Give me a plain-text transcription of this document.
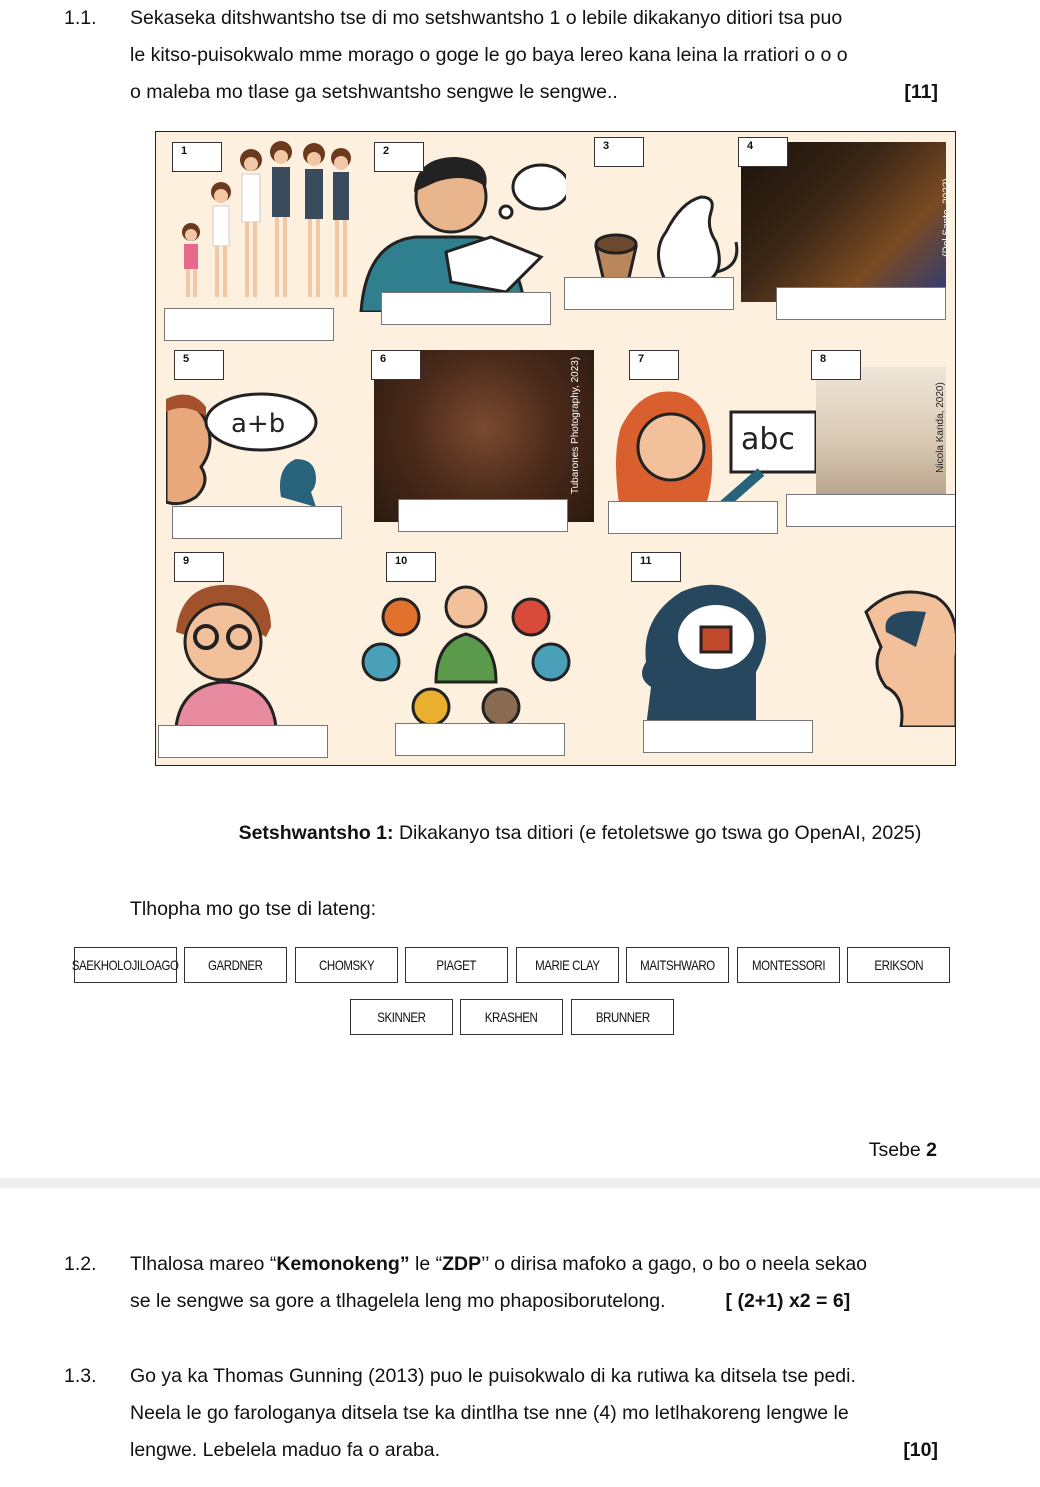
1.1. Sekaseka ditshwantsho tse di mo setshwantsho 1 o lebile dikakanyo ditiori tsa puo
le kitso-puisokwalo mme morago o goge le go baya lereo kana leina la rratiori o o o
o maleba mo tlase ga setshwantsho sengwe le sengwe..	[11]
(Del Santo, 2022)
a+b	Tubarones Photography, 2023)	abc	Nicola Kanda, 2020)
1	2	3	4
5	6	7	8
9	10	11
Setshwantsho 1: Dikakanyo tsa ditiori (e fetoletswe go tswa go OpenAI, 2025)
Tlhopha mo go tse di lateng:
SAEKHOLOJILOAGO GARDNER	CHOMSKY	PIAGET	MARIE CLAY	MAITSHWARO	MONTESSORI	ERIKSON
SKINNER	KRASHEN	BRUNNER
Tsebe 2
1.2. Tlhalosa mareo “Kemonokeng” le “ZDP’’ o dirisa mafoko a gago, o bo o neela sekao
se le sengwe sa gore a tlhagelela leng mo phaposiborutelong.	[ (2+1) x2 = 6]
1.3. Go ya ka Thomas Gunning (2013) puo le puisokwalo di ka rutiwa ka ditsela tse pedi.
Neela le go farologanya ditsela tse ka dintlha tse nne (4) mo letlhakoreng lengwe le
lengwe. Lebelela maduo fa o araba.	[10]
